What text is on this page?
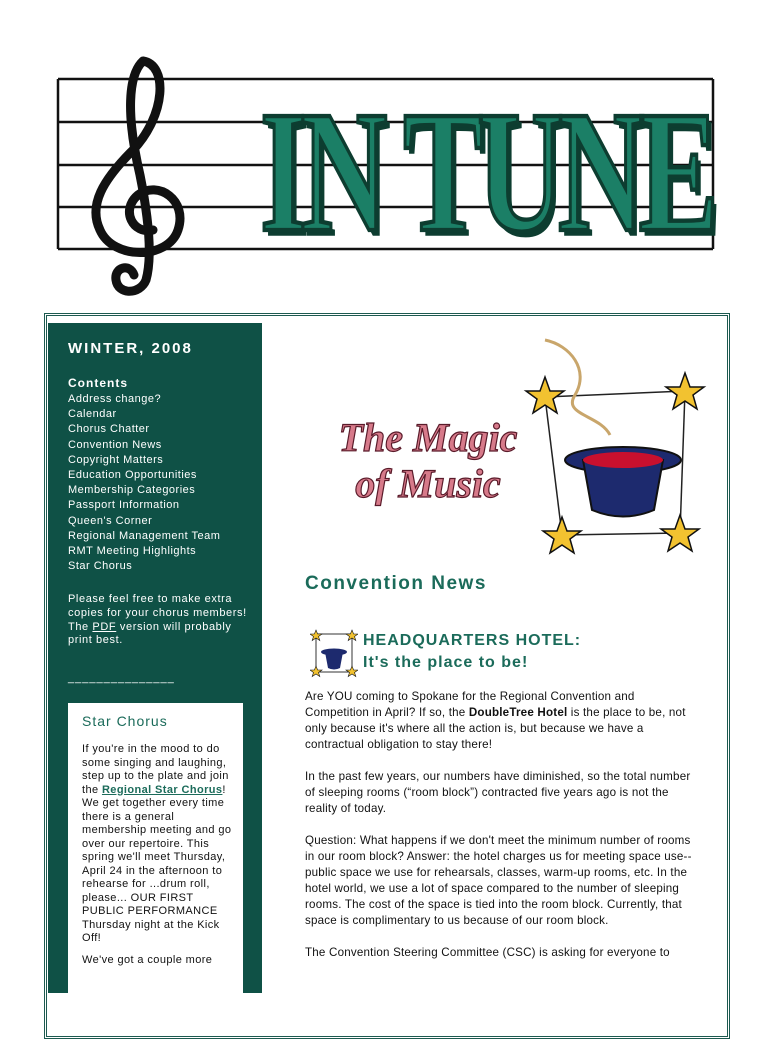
IN TUNE
WINTER, 2008
Contents
Address change?
Calendar
Chorus Chatter
Convention News
Copyright Matters
Education Opportunities
Membership Categories
Passport Information
Queen's Corner
Regional Management Team
RMT Meeting Highlights
Star Chorus
Please feel free to make extra copies for your chorus members! The PDF version will probably print best.
_______________
Star Chorus

If you're in the mood to do some singing and laughing, step up to the plate and join the Regional Star Chorus! We get together every time there is a general membership meeting and go over our repertoire. This spring we'll meet Thursday, April 24 in the afternoon to rehearse for ...drum roll, please... OUR FIRST PUBLIC PERFORMANCE Thursday night at the Kick Off!

We've got a couple more

The Magic
of Music
Convention News
HEADQUARTERS HOTEL:
It's the place to be!

Are YOU coming to Spokane for the Regional Convention and Competition in April? If so, the DoubleTree Hotel is the place to be, not only because it's where all the action is, but because we have a contractual obligation to stay there!

In the past few years, our numbers have diminished, so the total number of sleeping rooms (“room block”) contracted five years ago is not the reality of today.

Question: What happens if we don't meet the minimum number of rooms in our room block? Answer: the hotel charges us for meeting space use--public space we use for rehearsals, classes, warm-up rooms, etc. In the hotel world, we use a lot of space compared to the number of sleeping rooms. The cost of the space is tied into the room block. Currently, that space is complimentary to us because of our room block.

The Convention Steering Committee (CSC) is asking for everyone to
